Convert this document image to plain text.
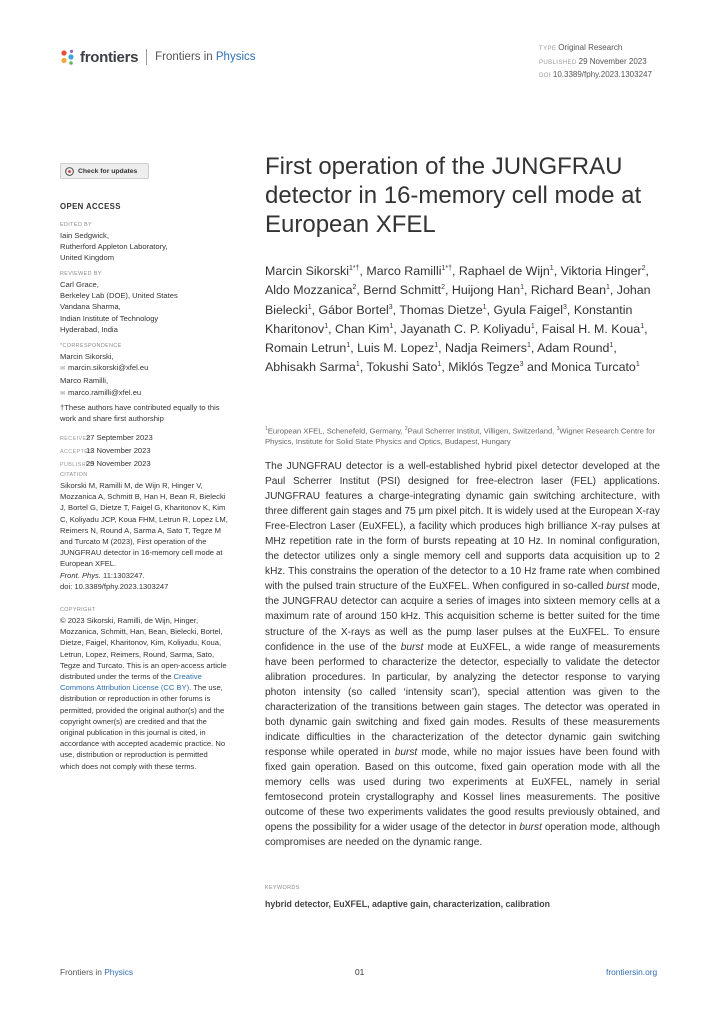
frontiers Frontiers in Physics
TYPE Original Research
PUBLISHED 29 November 2023
DOI 10.3389/fphy.2023.1303247
Check for updates
OPEN ACCESS
EDITED BY
Iain Sedgwick,
Rutherford Appleton Laboratory,
United Kingdom
REVIEWED BY
Carl Grace,
Berkeley Lab (DOE), United States
Vandana Sharma,
Indian Institute of Technology
Hyderabad, India
*CORRESPONDENCE
Marcin Sikorski,
✉ marcin.sikorski@xfel.eu
Marco Ramilli,
✉ marco.ramilli@xfel.eu
†These authors have contributed equally to this work and share first authorship
RECEIVED27 September 2023
ACCEPTED13 November 2023
PUBLISHED29 November 2023
CITATION
Sikorski M, Ramilli M, de Wijn R, Hinger V, Mozzanica A, Schmitt B, Han H, Bean R, Bielecki J, Bortel G, Dietze T, Faigel G, Kharitonov K, Kim C, Koliyadu JCP, Koua FHM, Letrun R, Lopez LM, Reimers N, Round A, Sarma A, Sato T, Tegze M and Turcato M (2023), First operation of the JUNGFRAU detector in 16-memory cell mode at European XFEL.
Front. Phys. 11:1303247.
doi: 10.3389/fphy.2023.1303247
COPYRIGHT
© 2023 Sikorski, Ramilli, de Wijn, Hinger, Mozzanica, Schmitt, Han, Bean, Bielecki, Bortel, Dietze, Faigel, Kharitonov, Kim, Koliyadu, Koua, Letrun, Lopez, Reimers, Round, Sarma, Sato, Tegze and Turcato. This is an open-access article distributed under the terms of the Creative Commons Attribution License (CC BY). The use, distribution or reproduction in other forums is permitted, provided the original author(s) and the copyright owner(s) are credited and that the original publication in this journal is cited, in accordance with accepted academic practice. No use, distribution or reproduction is permitted which does not comply with these terms.
First operation of the JUNGFRAU detector in 16-memory cell mode at European XFEL
Marcin Sikorski$^{1*\dagger}$, Marco Ramilli$^{1*\dagger}$, Raphael de Wijn$^1$, Viktoria Hinger$^2$, Aldo Mozzanica$^2$, Bernd Schmitt$^2$, Huijong Han$^1$, Richard Bean$^1$, Johan Bielecki$^1$, Gábor Bortel$^3$, Thomas Dietze$^1$, Gyula Faigel$^3$, Konstantin Kharitonov$^1$, Chan Kim$^1$, Jayanath C. P. Koliyadu$^1$, Faisal H. M. Koua$^1$, Romain Letrun$^1$, Luis M. Lopez$^1$, Nadja Reimers$^1$, Adam Round$^1$, Abhisakh Sarma$^1$, Tokushi Sato$^1$, Miklós Tegze$^3$ and Monica Turcato$^1$
$^1$European XFEL, Schenefeld, Germany, $^2$Paul Scherrer Institut, Villigen, Switzerland, $^3$Wigner Research Centre for Physics, Institute for Solid State Physics and Optics, Budapest, Hungary
The JUNGFRAU detector is a well-established hybrid pixel detector developed at the Paul Scherrer Institut (PSI) designed for free-electron laser (FEL) applications. JUNGFRAU features a charge-integrating dynamic gain switching architecture, with three different gain stages and 75 μm pixel pitch. It is widely used at the European X-ray Free-Electron Laser (EuXFEL), a facility which produces high brilliance X-ray pulses at MHz repetition rate in the form of bursts repeating at 10 Hz. In nominal configuration, the detector utilizes only a single memory cell and supports data acquisition up to 2 kHz. This constrains the operation of the detector to a 10 Hz frame rate when combined with the pulsed train structure of the EuXFEL. When configured in so-called burst mode, the JUNGFRAU detector can acquire a series of images into sixteen memory cells at a maximum rate of around 150 kHz. This acquisition scheme is better suited for the time structure of the X-rays as well as the pump laser pulses at the EuXFEL. To ensure confidence in the use of the burst mode at EuXFEL, a wide range of measurements have been performed to characterize the detector, especially to validate the detector alibration procedures. In particular, by analyzing the detector response to varying photon intensity (so called ‘intensity scan’), special attention was given to the characterization of the transitions between gain stages. The detector was operated in both dynamic gain switching and fixed gain modes. Results of these measurements indicate difficulties in the characterization of the detector dynamic gain switching response while operated in burst mode, while no major issues have been found with fixed gain operation. Based on this outcome, fixed gain operation mode with all the memory cells was used during two experiments at EuXFEL, namely in serial femtosecond protein crystallography and Kossel lines measurements. The positive outcome of these two experiments validates the good results previously obtained, and opens the possibility for a wider usage of the detector in burst operation mode, although compromises are needed on the dynamic range.
KEYWORDS
hybrid detector, EuXFEL, adaptive gain, characterization, calibration
Frontiers in Physics	01	frontiersin.org
